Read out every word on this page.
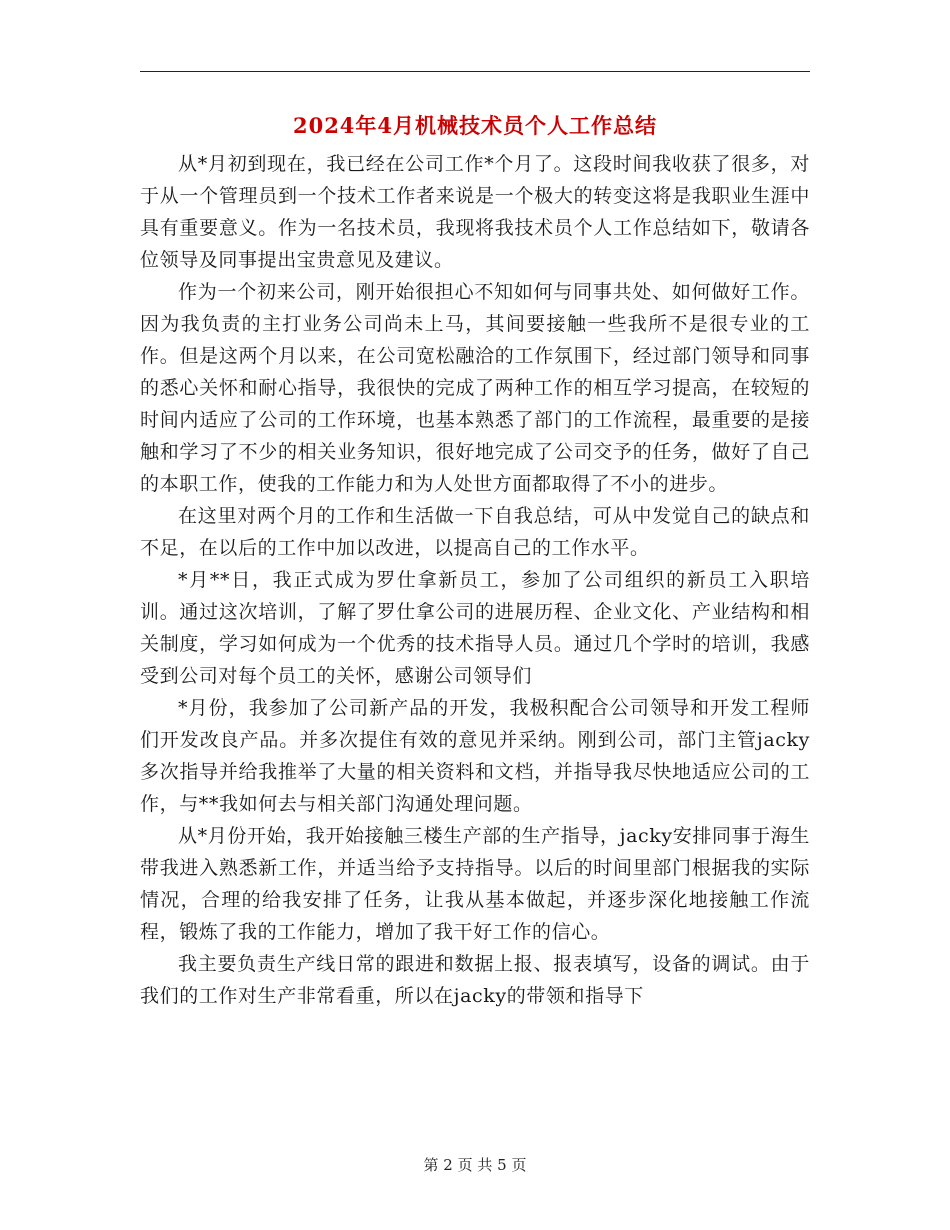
2024年4月机械技术员个人工作总结

从*月初到现在，我已经在公司工作*个月了。这段时间我收获了很多，对于从一个管理员到一个技术工作者来说是一个极大的转变这将是我职业生涯中具有重要意义。作为一名技术员，我现将我技术员个人工作总结如下，敬请各位领导及同事提出宝贵意见及建议。

作为一个初来公司，刚开始很担心不知如何与同事共处、如何做好工作。因为我负责的主打业务公司尚未上马，其间要接触一些我所不是很专业的工作。但是这两个月以来，在公司宽松融洽的工作氛围下，经过部门领导和同事的悉心关怀和耐心指导，我很快的完成了两种工作的相互学习提高，在较短的时间内适应了公司的工作环境，也基本熟悉了部门的工作流程，最重要的是接触和学习了不少的相关业务知识，很好地完成了公司交予的任务，做好了自己的本职工作，使我的工作能力和为人处世方面都取得了不小的进步。

在这里对两个月的工作和生活做一下自我总结，可从中发觉自己的缺点和不足，在以后的工作中加以改进，以提高自己的工作水平。

*月**日，我正式成为罗仕拿新员工，参加了公司组织的新员工入职培训。通过这次培训，了解了罗仕拿公司的进展历程、企业文化、产业结构和相关制度，学习如何成为一个优秀的技术指导人员。通过几个学时的培训，我感受到公司对每个员工的关怀，感谢公司领导们

*月份，我参加了公司新产品的开发，我极积配合公司领导和开发工程师们开发改良产品。并多次提住有效的意见并采纳。刚到公司，部门主管jacky多次指导并给我推举了大量的相关资料和文档，并指导我尽快地适应公司的工作，与**我如何去与相关部门沟通处理问题。

从*月份开始，我开始接触三楼生产部的生产指导，jacky安排同事于海生带我进入熟悉新工作，并适当给予支持指导。以后的时间里部门根据我的实际情况，合理的给我安排了任务，让我从基本做起，并逐步深化地接触工作流程，锻炼了我的工作能力，增加了我干好工作的信心。

我主要负责生产线日常的跟进和数据上报、报表填写，设备的调试。由于我们的工作对生产非常看重，所以在jacky的带领和指导下

第 2 页 共 5 页
